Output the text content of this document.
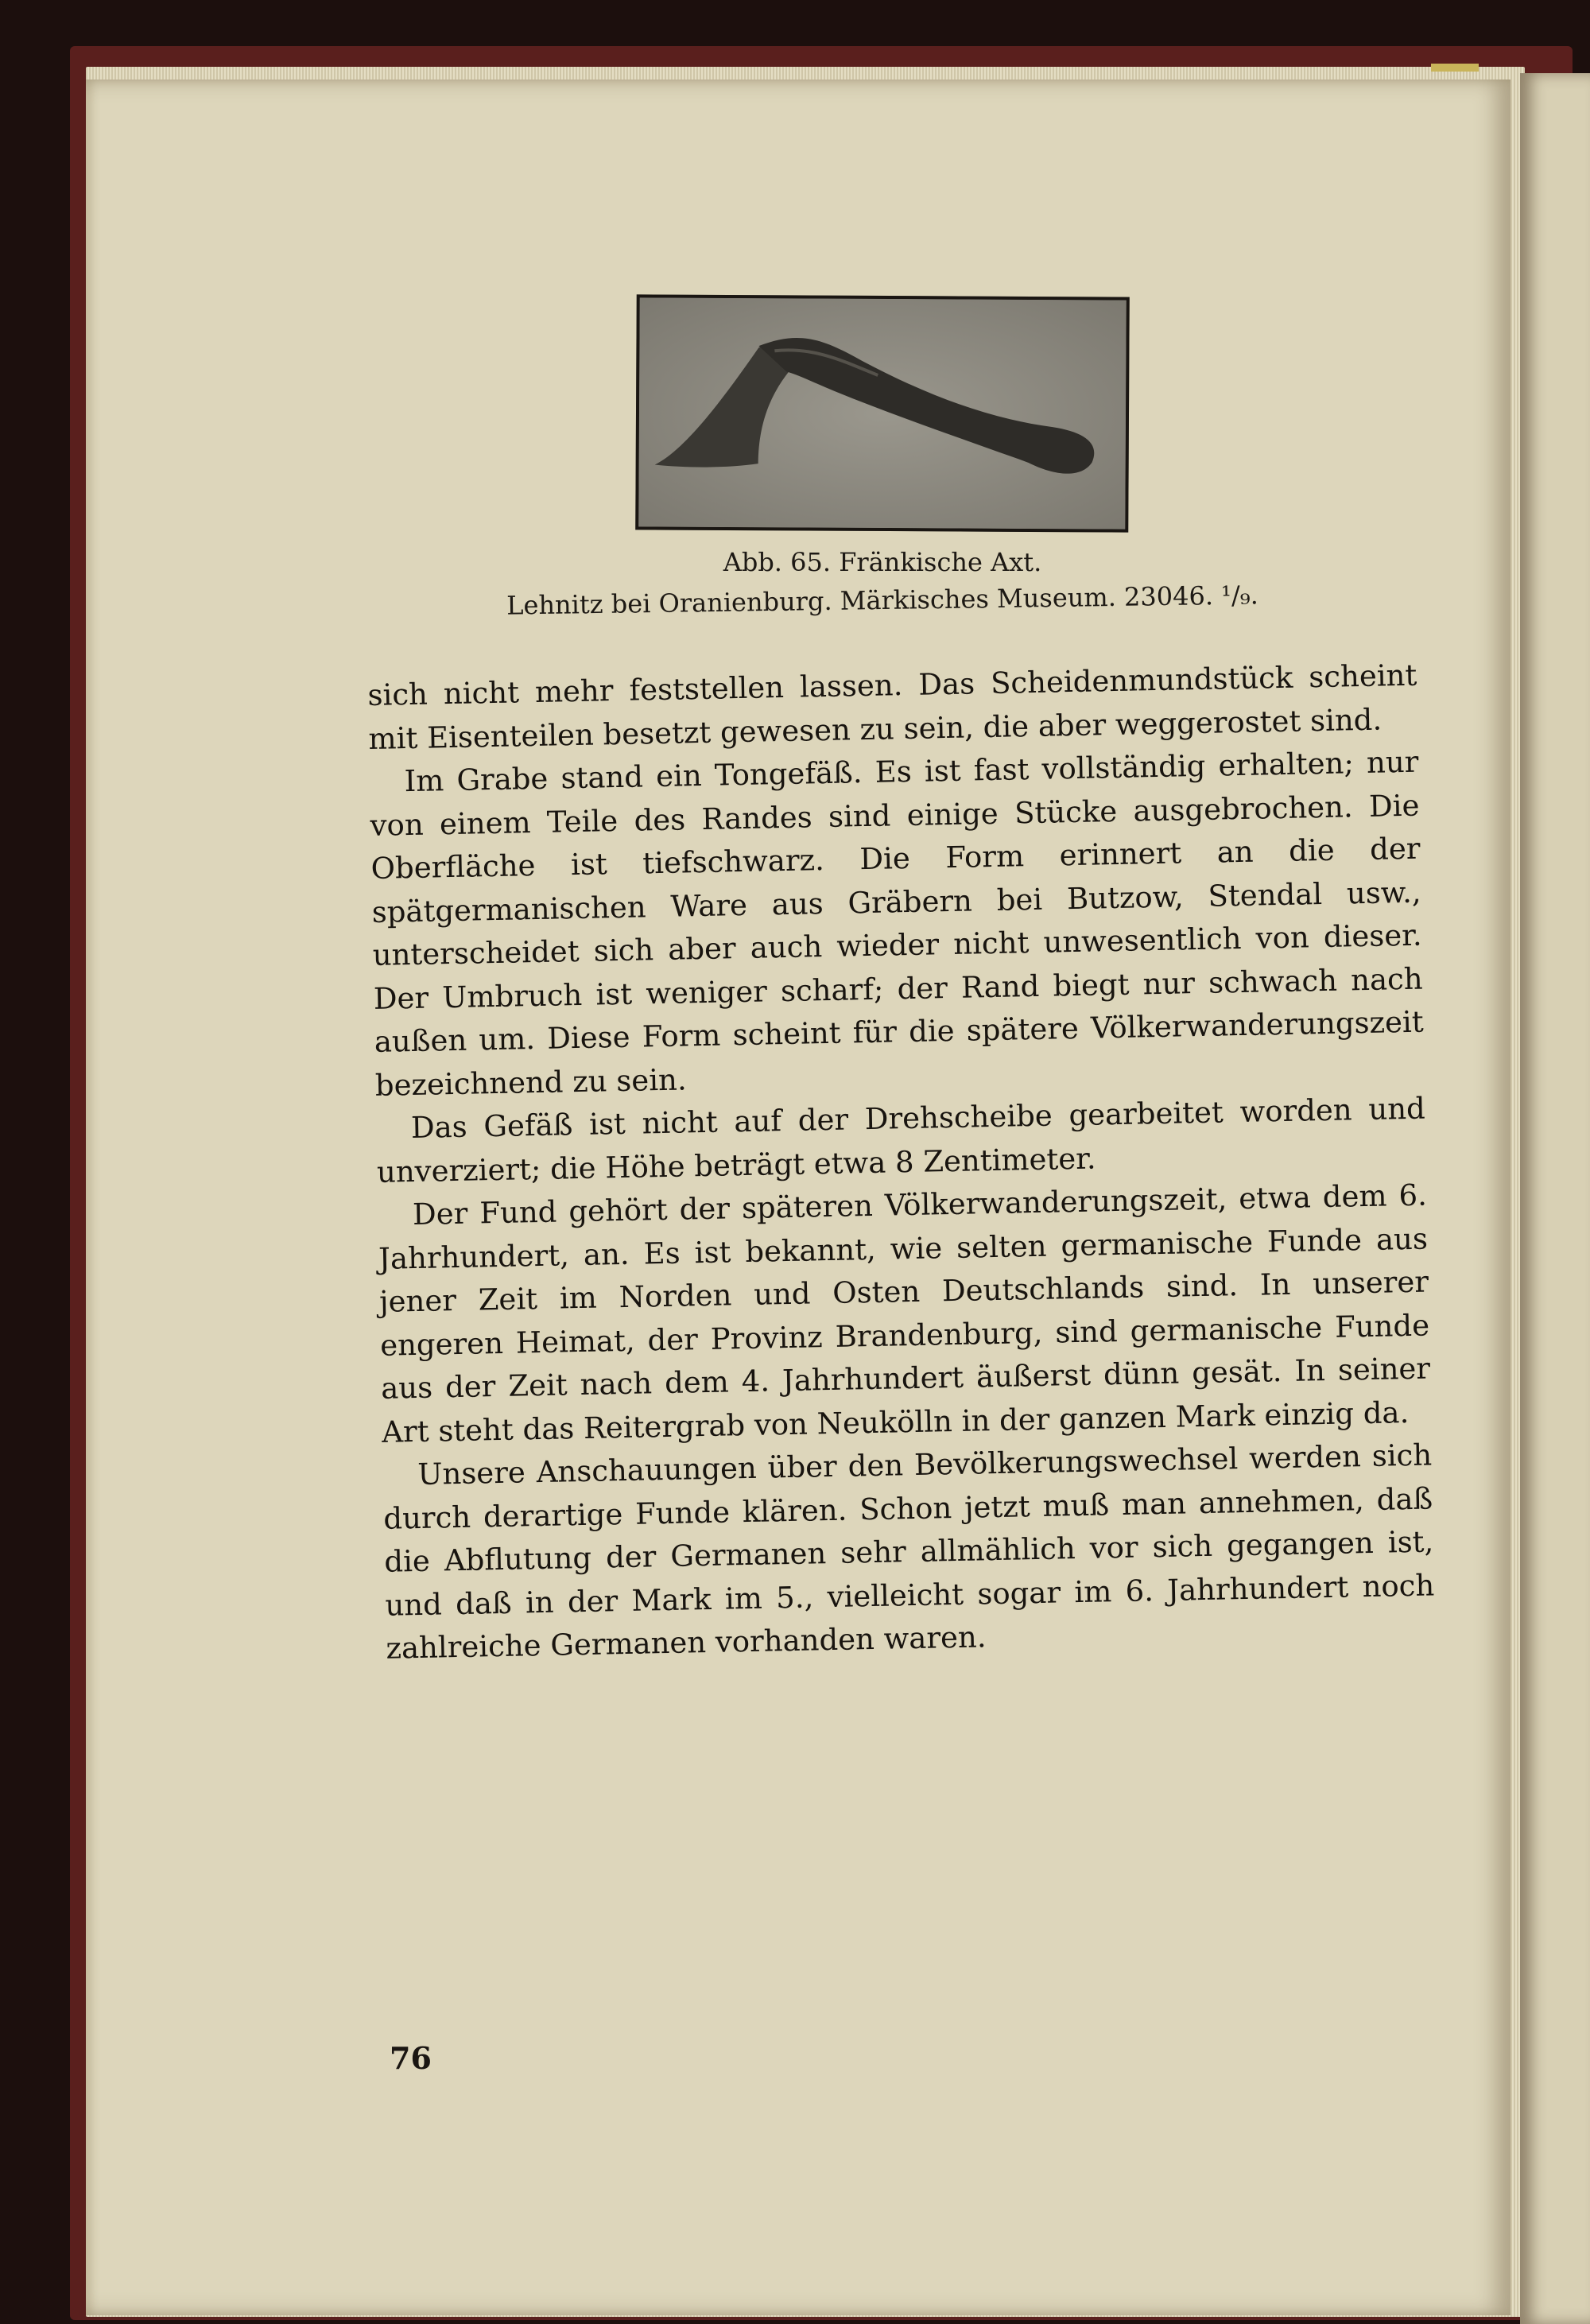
Abb. 65. Fränkische Axt.
Lehnitz bei Oranienburg. Märkisches Museum. 23046. ¹/₉.

sich nicht mehr feststellen lassen. Das Scheidenmundstück scheint mit Eisenteilen besetzt gewesen zu sein, die aber weggerostet sind.

Im Grabe stand ein Tongefäß. Es ist fast vollständig erhalten; nur von einem Teile des Randes sind einige Stücke ausgebrochen. Die Oberfläche ist tiefschwarz. Die Form erinnert an die der spätgermanischen Ware aus Gräbern bei Butzow, Stendal usw., unterscheidet sich aber auch wieder nicht unwesentlich von dieser. Der Umbruch ist weniger scharf; der Rand biegt nur schwach nach außen um. Diese Form scheint für die spätere Völkerwanderungszeit bezeichnend zu sein.

Das Gefäß ist nicht auf der Drehscheibe gearbeitet worden und unverziert; die Höhe beträgt etwa 8 Zentimeter.

Der Fund gehört der späteren Völkerwanderungszeit, etwa dem 6. Jahrhundert, an. Es ist bekannt, wie selten germanische Funde aus jener Zeit im Norden und Osten Deutschlands sind. In unserer engeren Heimat, der Provinz Brandenburg, sind germanische Funde aus der Zeit nach dem 4. Jahrhundert äußerst dünn gesät. In seiner Art steht das Reitergrab von Neukölln in der ganzen Mark einzig da.

Unsere Anschauungen über den Bevölkerungswechsel werden sich durch derartige Funde klären. Schon jetzt muß man annehmen, daß die Abflutung der Germanen sehr allmählich vor sich gegangen ist, und daß in der Mark im 5., vielleicht sogar im 6. Jahrhundert noch zahlreiche Germanen vorhanden waren.

76
